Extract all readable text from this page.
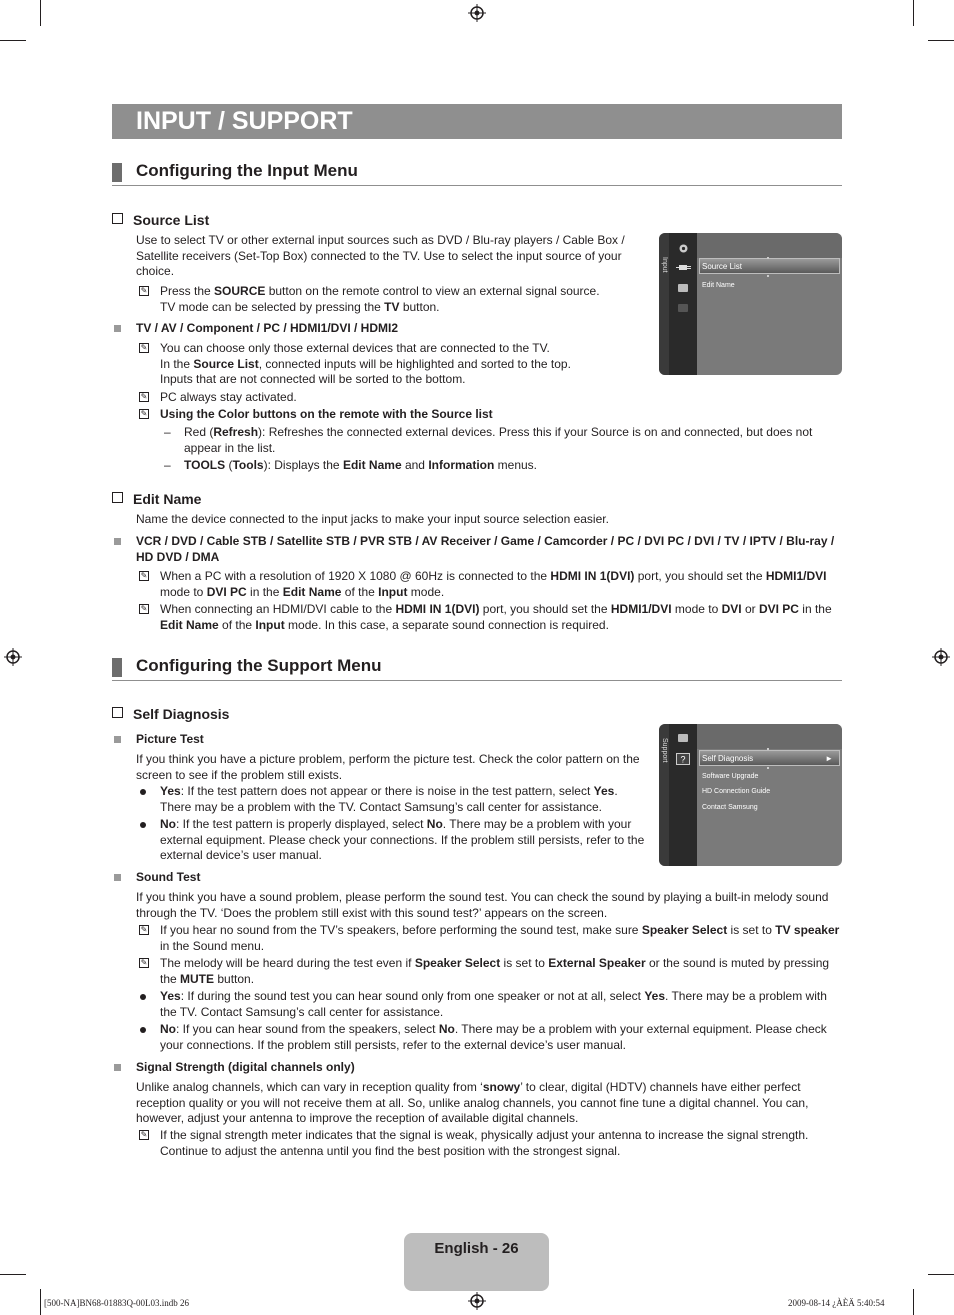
INPUT / SUPPORT
Configuring the Input Menu
Source List
Use to select TV or other external input sources such as DVD / Blu-ray players / Cable Box / Satellite receivers (Set-Top Box) connected to the TV. Use to select the input source of your choice.
✎ Press the SOURCE button on the remote control to view an external signal source.
TV mode can be selected by pressing the TV button.
TV / AV / Component / PC / HDMI1/DVI / HDMI2
✎ You can choose only those external devices that are connected to the TV.
In the Source List, connected inputs will be highlighted and sorted to the top.
Inputs that are not connected will be sorted to the bottom.
✎ PC always stay activated.
✎ Using the Color buttons on the remote with the Source list
– Red (Refresh): Refreshes the connected external devices. Press this if your Source is on and connected, but does not appear in the list.
– TOOLS (Tools): Displays the Edit Name and Information menus.
Input	Source List
Edit Name
Edit Name
Name the device connected to the input jacks to make your input source selection easier.
VCR / DVD / Cable STB / Satellite STB / PVR STB / AV Receiver / Game / Camcorder / PC / DVI PC / DVI / TV / IPTV / Blu-ray / HD DVD / DMA
✎ When a PC with a resolution of 1920 X 1080 @ 60Hz is connected to the HDMI IN 1(DVI) port, you should set the HDMI1/DVI mode to DVI PC in the Edit Name of the Input mode.
✎ When connecting an HDMI/DVI cable to the HDMI IN 1(DVI) port, you should set the HDMI1/DVI mode to DVI or DVI PC in the Edit Name of the Input mode. In this case, a separate sound connection is required.
Configuring the Support Menu
Self Diagnosis
Picture Test
If you think you have a picture problem, perform the picture test. Check the color pattern on the screen to see if the problem still exists.
Yes: If the test pattern does not appear or there is noise in the test pattern, select Yes. There may be a problem with the TV. Contact Samsung’s call center for assistance.
No: If the test pattern is properly displayed, select No. There may be a problem with your external equipment. Please check your connections. If the problem still persists, refer to the external device’s user manual.
Support ?	Self Diagnosis	►
Software Upgrade
HD Connection Guide
Contact Samsung
Sound Test
If you think you have a sound problem, please perform the sound test. You can check the sound by playing a built-in melody sound through the TV. ‘Does the problem still exist with this sound test?’ appears on the screen.
✎ If you hear no sound from the TV’s speakers, before performing the sound test, make sure Speaker Select is set to TV speaker in the Sound menu.
✎ The melody will be heard during the test even if Speaker Select is set to External Speaker or the sound is muted by pressing the MUTE button.
Yes: If during the sound test you can hear sound only from one speaker or not at all, select Yes. There may be a problem with the TV. Contact Samsung’s call center for assistance.
No: If you can hear sound from the speakers, select No. There may be a problem with your external equipment. Please check your connections. If the problem still persists, refer to the external device’s user manual.
Signal Strength (digital channels only)
Unlike analog channels, which can vary in reception quality from ‘snowy’ to clear, digital (HDTV) channels have either perfect reception quality or you will not receive them at all. So, unlike analog channels, you cannot fine tune a digital channel. You can, however, adjust your antenna to improve the reception of available digital channels.
✎ If the signal strength meter indicates that the signal is weak, physically adjust your antenna to increase the signal strength. Continue to adjust the antenna until you find the best position with the strongest signal.
English - 26
[500-NA]BN68-01883Q-00L03.indb 26	2009-08-14 ¿ÀÈÄ 5:40:54
